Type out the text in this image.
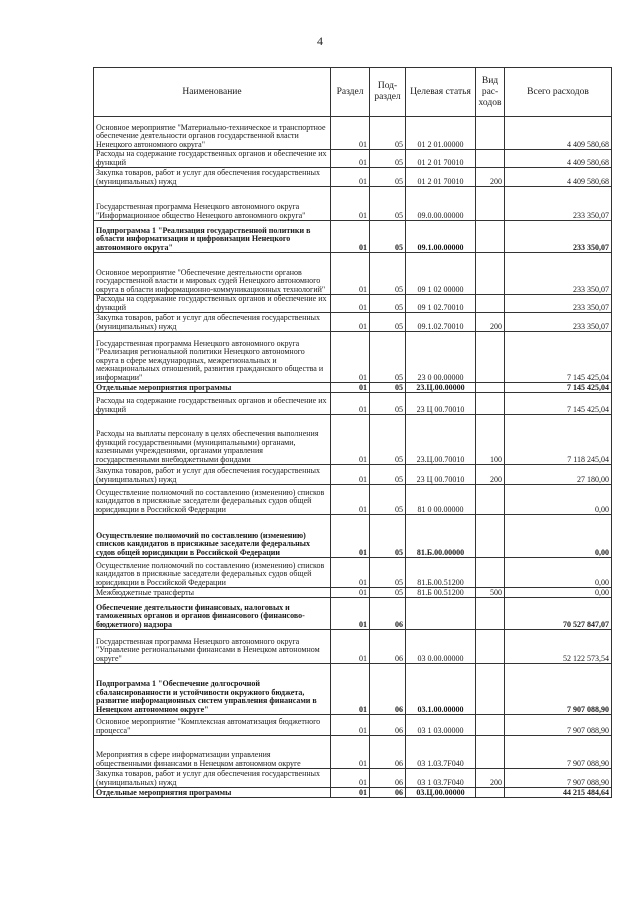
4
Наименование	Раздел	Под-раздел	Целевая статья	Вид рас-ходов	Всего расходов
Основное мероприятие "Материально-техническое и транспортное обеспечение деятельности органов государственной власти Ненецкого автономного округа"	01	05	01 2 01.00000		4 409 580,68
Расходы на содержание государственных органов и обеспечение их функций	01	05	01 2 01 70010		4 409 580,68
Закупка товаров, работ и услуг для обеспечения государственных (муниципальных) нужд	01	05	01 2 01 70010	200	4 409 580,68
Государственная программа Ненецкого автономного округа "Информационное общество Ненецкого автономного округа"	01	05	09.0.00.00000		233 350,07
Подпрограмма 1 "Реализация государственной политики в области информатизации и цифровизации Ненецкого автономного округа"	01	05	09.1.00.00000		233 350,07
Основное мероприятие "Обеспечение деятельности органов государственной власти и мировых судей Ненецкого автономного округа в области информационно-коммуникационных технологий"	01	05	09 1 02 00000		233 350,07
Расходы на содержание государственных органов и обеспечение их функций	01	05	09 1 02.70010		233 350,07
Закупка товаров, работ и услуг для обеспечения государственных (муниципальных) нужд	01	05	09.1.02.70010	200	233 350,07
Государственная программа Ненецкого автономного округа "Реализация региональной политики Ненецкого автономного округа в сфере международных, межрегиональных и межнациональных отношений, развития гражданского общества и информации"	01	05	23 0 00.00000		7 145 425,04
Отдельные мероприятия программы	01	05	23.Ц.00.00000		7 145 425,04
Расходы на содержание государственных органов и обеспечение их функций	01	05	23 Ц 00.70010		7 145 425,04
Расходы на выплаты персоналу в целях обеспечения выполнения функций государственными (муниципальными) органами, казенными учреждениями, органами управления государственными внебюджетными фондами	01	05	23.Ц.00.70010	100	7 118 245,04
Закупка товаров, работ и услуг для обеспечения государственных (муниципальных) нужд	01	05	23 Ц 00.70010	200	27 180,00
Осуществление полномочий по составлению (изменению) списков кандидатов в присяжные заседатели федеральных судов общей юрисдикции в Российской Федерации	01	05	81 0 00.00000		0,00
Осуществление полномочий по составлению (изменению) списков кандидатов в присяжные заседатели федеральных судов общей юрисдикции в Российской Федерации	01	05	81.Б.00.00000		0,00
Осуществление полномочий по составлению (изменению) списков кандидатов в присяжные заседатели федеральных судов общей юрисдикции в Российской Федерации	01	05	81.Б.00.51200		0,00
Межбюджетные трансферты	01	05	81.Б 00.51200	500	0,00
Обеспечение деятельности финансовых, налоговых и таможенных органов и органов финансового (финансово-бюджетного) надзора	01	06			70 527 847,07
Государственная программа Ненецкого автономного округа "Управление региональными финансами в Ненецком автономном округе"	01	06	03 0.00.00000		52 122 573,54
Подпрограмма 1 "Обеспечение долгосрочной сбалансированности и устойчивости окружного бюджета, развитие информационных систем управления финансами в Ненецком автономном округе"	01	06	03.1.00.00000		7 907 088,90
Основное мероприятие "Комплексная автоматизация бюджетного процесса"	01	06	03 1 03.00000		7 907 088,90
Мероприятия в сфере информатизации управления общественными финансами в Ненецком автономном округе	01	06	03 1.03.7F040		7 907 088,90
Закупка товаров, работ и услуг для обеспечения государственных (муниципальных) нужд	01	06	03 1 03.7F040	200	7 907 088,90
Отдельные мероприятия программы	01	06	03.Ц.00.00000		44 215 484,64
